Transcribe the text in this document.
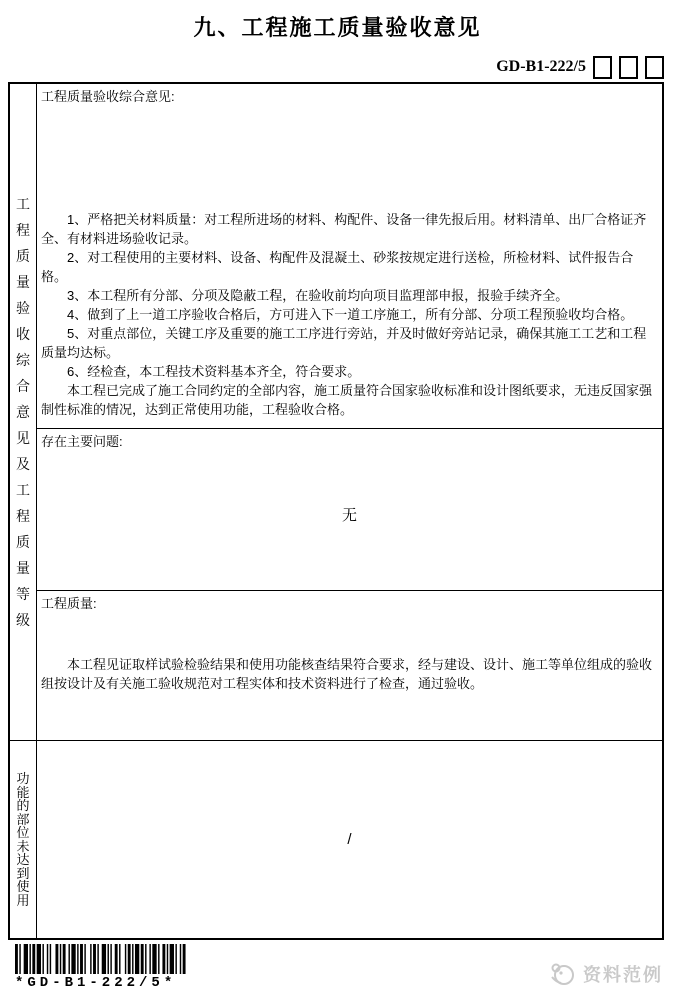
九、工程施工质量验收意见
GD-B1-222/5
工程质量验收综合意见及工程质量等级
功能的部位未达到使用
工程质量验收综合意见:

1、严格把关材料质量：对工程所进场的材料、构配件、设备一律先报后用。材料清单、出厂合格证齐全、有材料进场验收记录。

2、对工程使用的主要材料、设备、构配件及混凝土、砂浆按规定进行送检，所检材料、试件报告合格。

3、本工程所有分部、分项及隐蔽工程，在验收前均向项目监理部申报，报验手续齐全。

4、做到了上一道工序验收合格后，方可进入下一道工序施工，所有分部、分项工程预验收均合格。

5、对重点部位，关键工序及重要的施工工序进行旁站，并及时做好旁站记录，确保其施工工艺和工程质量均达标。

6、经检查，本工程技术资料基本齐全，符合要求。

本工程已完成了施工合同约定的全部内容，施工质量符合国家验收标准和设计图纸要求，无违反国家强制性标准的情况，达到正常使用功能，工程验收合格。

存在主要问题:
无
工程质量:

本工程见证取样试验检验结果和使用功能核查结果符合要求，经与建设、设计、施工等单位组成的验收组按设计及有关施工验收规范对工程实体和技术资料进行了检查，通过验收。

/
*GD-B1-222/5*	资料范例
